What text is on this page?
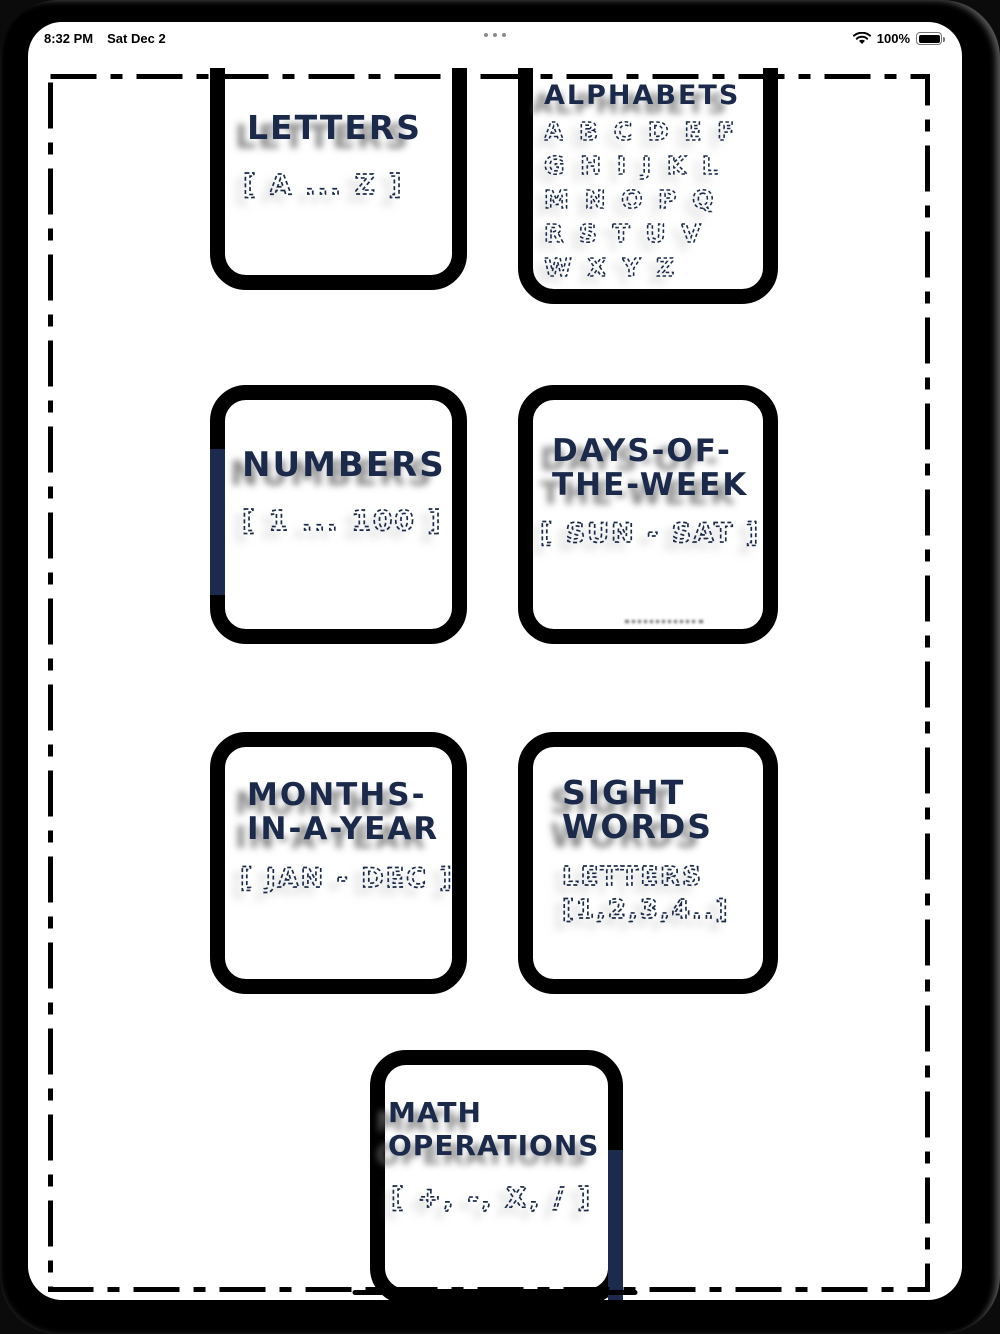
8:32 PM Sat Dec 2	100%
LETTERS
[ A ... Z ]
ALPHABETS
A B C D E F
G H I J K L
M N O P Q
R S T U V
W X Y Z
NUMBERS
[ 1 ... 100 ]
DAYS-OF-
THE-WEEK
[ SUN - SAT ]
MONTHS-
IN-A-YEAR
[ JAN - DEC ]
SIGHT
WORDS
LETTERS
[1,2,3,4..]
MATH
OPERATIONS
[ +, -, X, / ]
